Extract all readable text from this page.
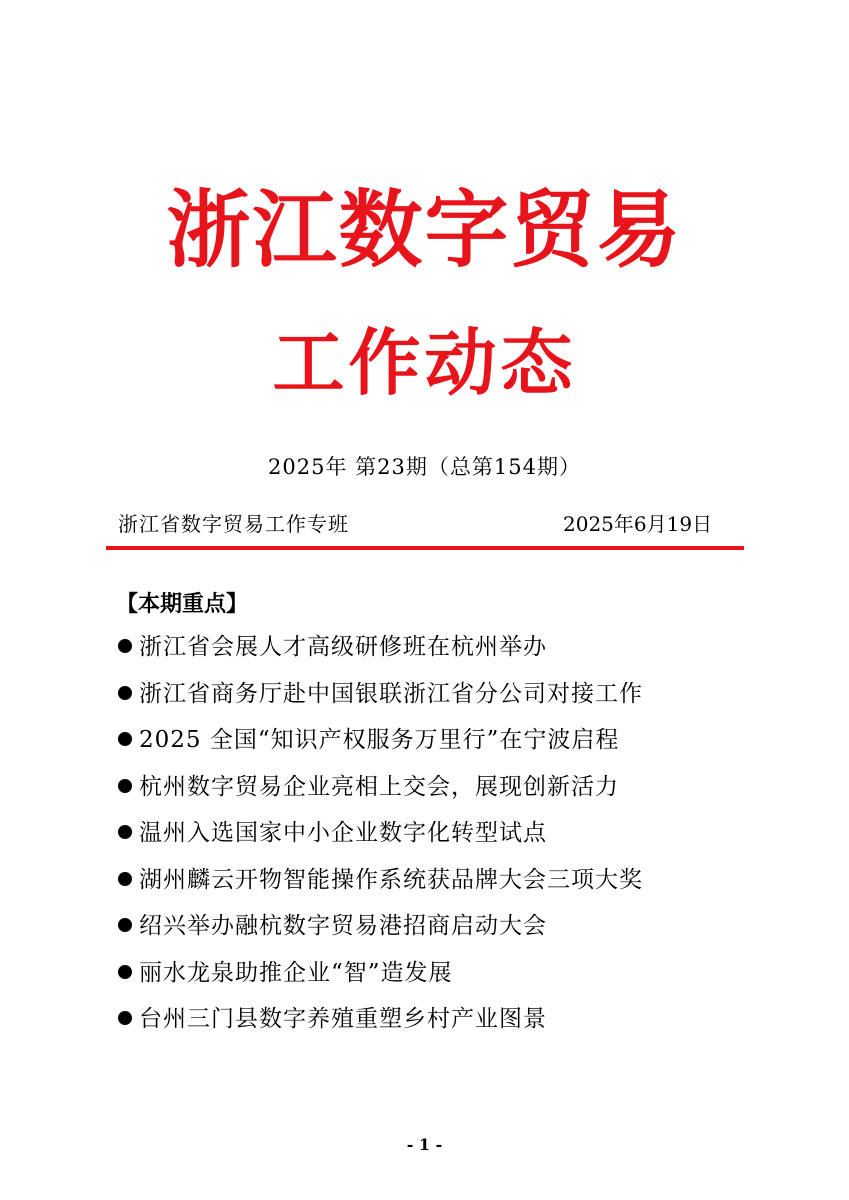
浙江数字贸易
工作动态
2025年 第23期（总第154期）
浙江省数字贸易工作专班	2025年6月19日
【本期重点】
浙江省会展人才高级研修班在杭州举办
浙江省商务厅赴中国银联浙江省分公司对接工作
2025 全国“知识产权服务万里行”在宁波启程
杭州数字贸易企业亮相上交会，展现创新活力
温州入选国家中小企业数字化转型试点
湖州麟云开物智能操作系统获品牌大会三项大奖
绍兴举办融杭数字贸易港招商启动大会
丽水龙泉助推企业“智”造发展
台州三门县数字养殖重塑乡村产业图景
- 1 -
